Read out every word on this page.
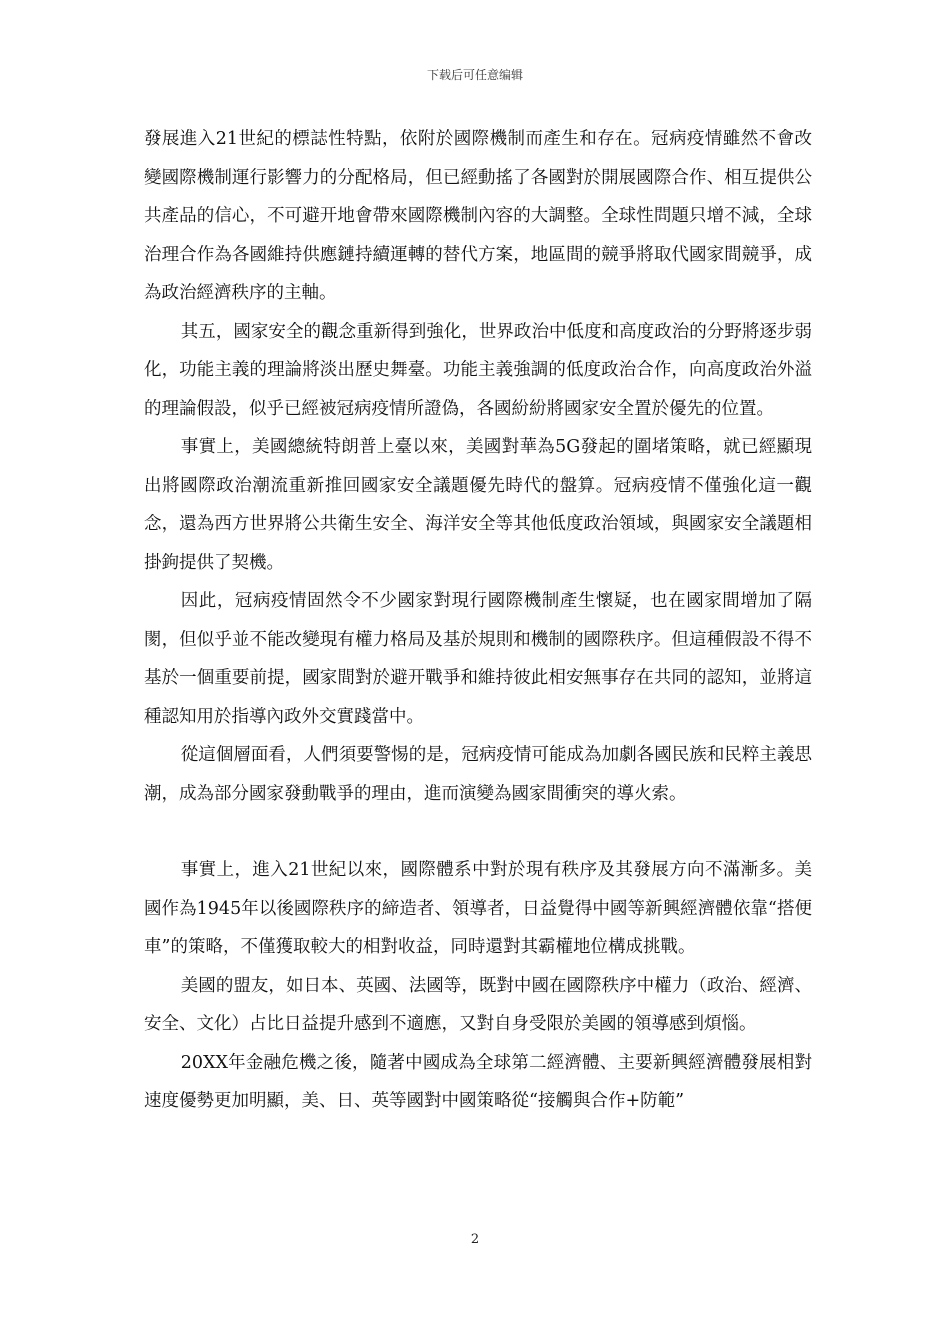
下载后可任意编辑

發展進入21世紀的標誌性特點，依附於國際機制而產生和存在。冠病疫情雖然不會改變國際機制運行影響力的分配格局，但已經動搖了各國對於開展國際合作、相互提供公共產品的信心，不可避开地會帶來國際機制內容的大調整。全球性問題只增不減，全球治理合作為各國維持供應鏈持續運轉的替代方案，地區間的競爭將取代國家間競爭，成為政治經濟秩序的主軸。

其五，國家安全的觀念重新得到強化，世界政治中低度和高度政治的分野將逐步弱化，功能主義的理論將淡出歷史舞臺。功能主義強調的低度政治合作，向高度政治外溢的理論假設，似乎已經被冠病疫情所證偽，各國紛紛將國家安全置於優先的位置。

事實上，美國總統特朗普上臺以來，美國對華為5G發起的圍堵策略，就已經顯現出將國際政治潮流重新推回國家安全議題優先時代的盤算。冠病疫情不僅強化這一觀念，還為西方世界將公共衛生安全、海洋安全等其他低度政治領域，與國家安全議題相掛鉤提供了契機。

因此，冠病疫情固然令不少國家對現行國際機制產生懷疑，也在國家間增加了隔閡，但似乎並不能改變現有權力格局及基於規則和機制的國際秩序。但這種假設不得不基於一個重要前提，國家間對於避开戰爭和維持彼此相安無事存在共同的認知，並將這種認知用於指導內政外交實踐當中。

從這個層面看，人們須要警惕的是，冠病疫情可能成為加劇各國民族和民粹主義思潮，成為部分國家發動戰爭的理由，進而演變為國家間衝突的導火索。

事實上，進入21世紀以來，國際體系中對於現有秩序及其發展方向不滿漸多。美國作為1945年以後國際秩序的締造者、領導者，日益覺得中國等新興經濟體依靠“搭便車”的策略，不僅獲取較大的相對收益，同時還對其霸權地位構成挑戰。

美國的盟友，如日本、英國、法國等，既對中國在國際秩序中權力（政治、經濟、安全、文化）占比日益提升感到不適應，又對自身受限於美國的領導感到煩惱。

20XX年金融危機之後，隨著中國成為全球第二經濟體、主要新興經濟體發展相對速度優勢更加明顯，美、日、英等國對中國策略從“接觸與合作+防範”

2
